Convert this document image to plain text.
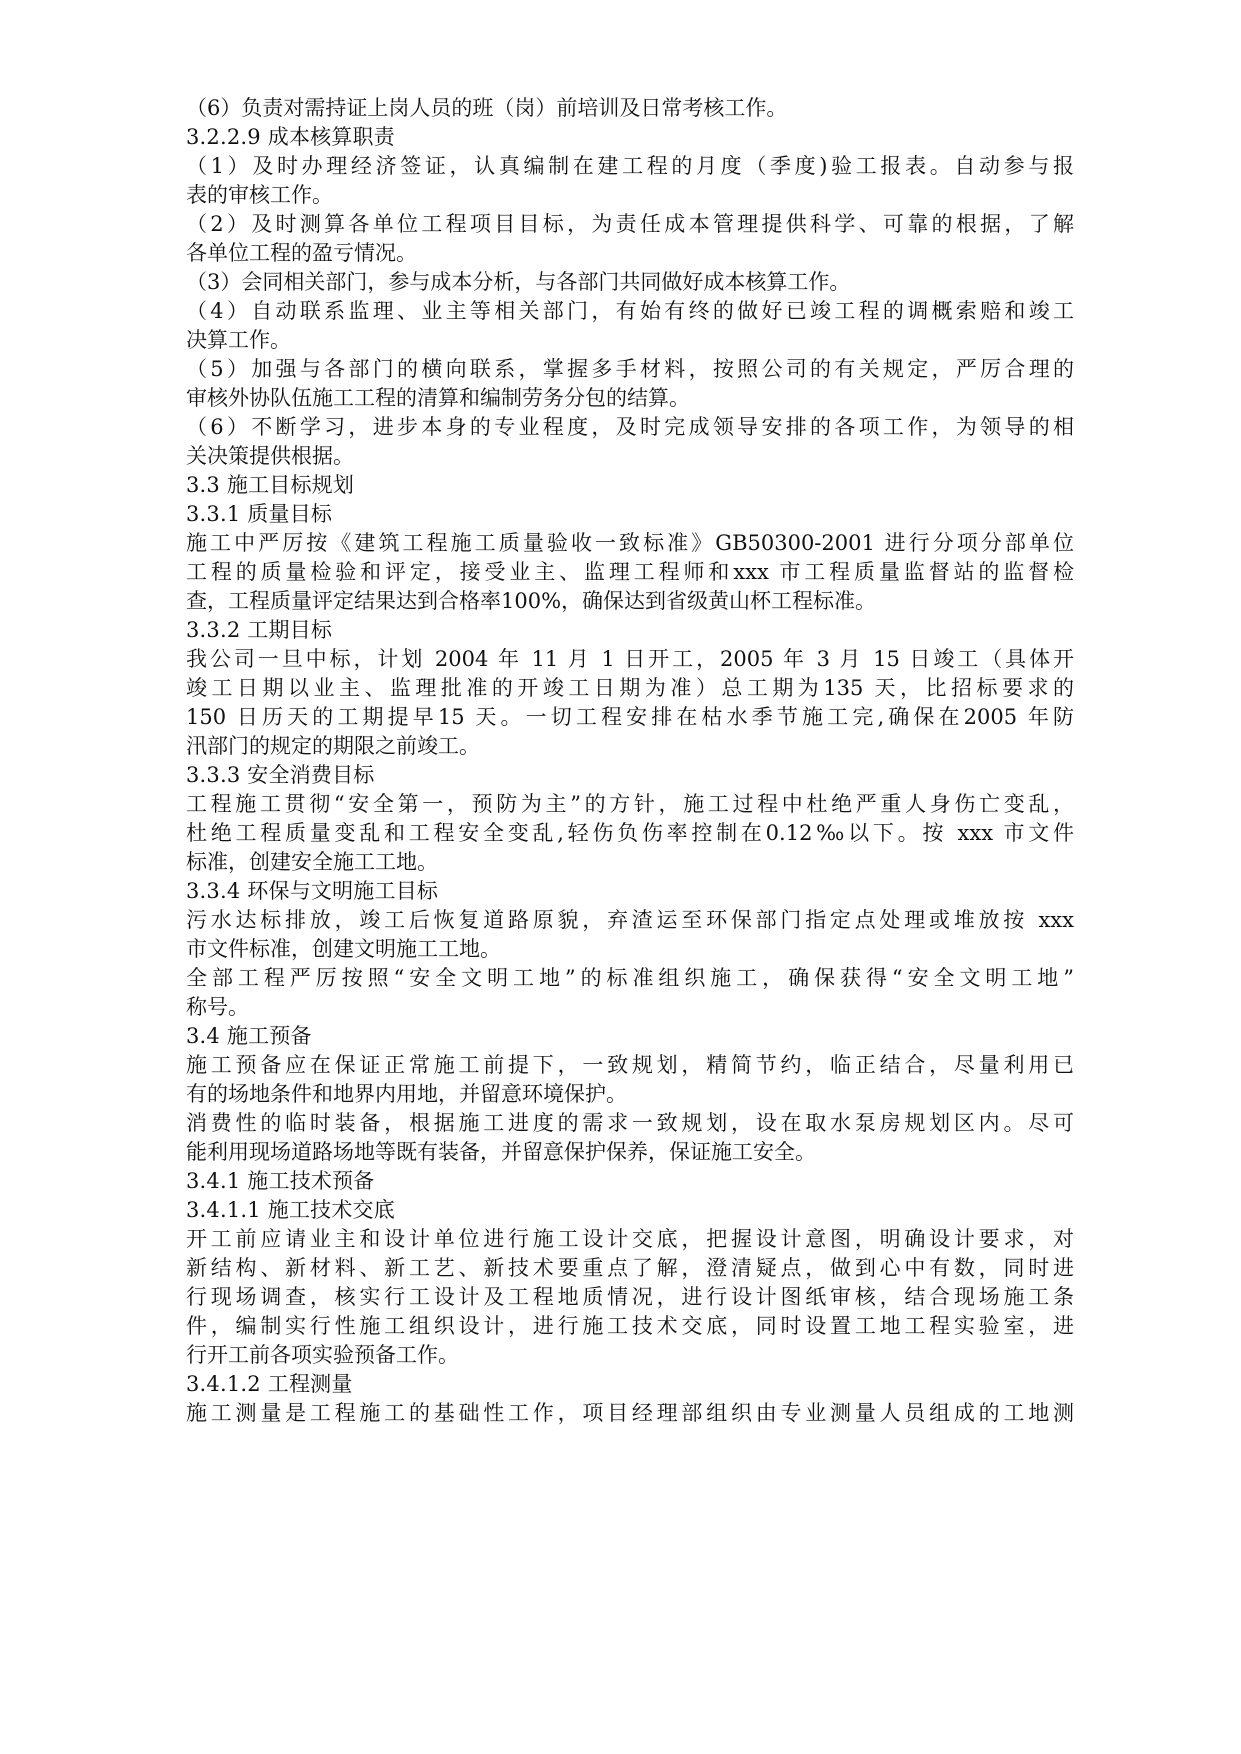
（6）负责对需持证上岗人员的班（岗）前培训及日常考核工作。
3.2.2.9 成本核算职责
（1）及时办理经济签证，认真编制在建工程的月度（季度)验工报表。自动参与报
表的审核工作。
（2）及时测算各单位工程项目目标，为责任成本管理提供科学、可靠的根据，了解
各单位工程的盈亏情况。
（3）会同相关部门，参与成本分析，与各部门共同做好成本核算工作。
（4）自动联系监理、业主等相关部门，有始有终的做好已竣工程的调概索赔和竣工
决算工作。
（5）加强与各部门的横向联系，掌握多手材料，按照公司的有关规定，严厉合理的
审核外协队伍施工工程的清算和编制劳务分包的结算。
（6）不断学习，进步本身的专业程度，及时完成领导安排的各项工作，为领导的相
关决策提供根据。
3.3 施工目标规划
3.3.1 质量目标
施工中严厉按《建筑工程施工质量验收一致标准》GB50300-2001 进行分项分部单位
工程的质量检验和评定，接受业主、监理工程师和xxx 市工程质量监督站的监督检
查，工程质量评定结果达到合格率100%，确保达到省级黄山杯工程标准。
3.3.2 工期目标
我公司一旦中标，计划 2004 年 11 月 1 日开工，2005 年 3 月 15 日竣工（具体开
竣工日期以业主、监理批准的开竣工日期为准）总工期为135 天，比招标要求的
150 日历天的工期提早15 天。一切工程安排在枯水季节施工完,确保在2005 年防
汛部门的规定的期限之前竣工。
3.3.3 安全消费目标
工程施工贯彻“安全第一，预防为主”的方针，施工过程中杜绝严重人身伤亡变乱，
杜绝工程质量变乱和工程安全变乱,轻伤负伤率控制在0.12‰以下。按 xxx 市文件
标准，创建安全施工工地。
3.3.4 环保与文明施工目标
污水达标排放，竣工后恢复道路原貌，弃渣运至环保部门指定点处理或堆放按 xxx
市文件标准，创建文明施工工地。
全部工程严厉按照“安全文明工地”的标准组织施工，确保获得“安全文明工地”
称号。
3.4 施工预备
施工预备应在保证正常施工前提下，一致规划，精简节约，临正结合，尽量利用已
有的场地条件和地界内用地，并留意环境保护。
消费性的临时装备，根据施工进度的需求一致规划，设在取水泵房规划区内。尽可
能利用现场道路场地等既有装备，并留意保护保养，保证施工安全。
3.4.1 施工技术预备
3.4.1.1 施工技术交底
开工前应请业主和设计单位进行施工设计交底，把握设计意图，明确设计要求，对
新结构、新材料、新工艺、新技术要重点了解，澄清疑点，做到心中有数，同时进
行现场调查，核实行工设计及工程地质情况，进行设计图纸审核，结合现场施工条
件，编制实行性施工组织设计，进行施工技术交底，同时设置工地工程实验室，进
行开工前各项实验预备工作。
3.4.1.2 工程测量
施工测量是工程施工的基础性工作，项目经理部组织由专业测量人员组成的工地测
